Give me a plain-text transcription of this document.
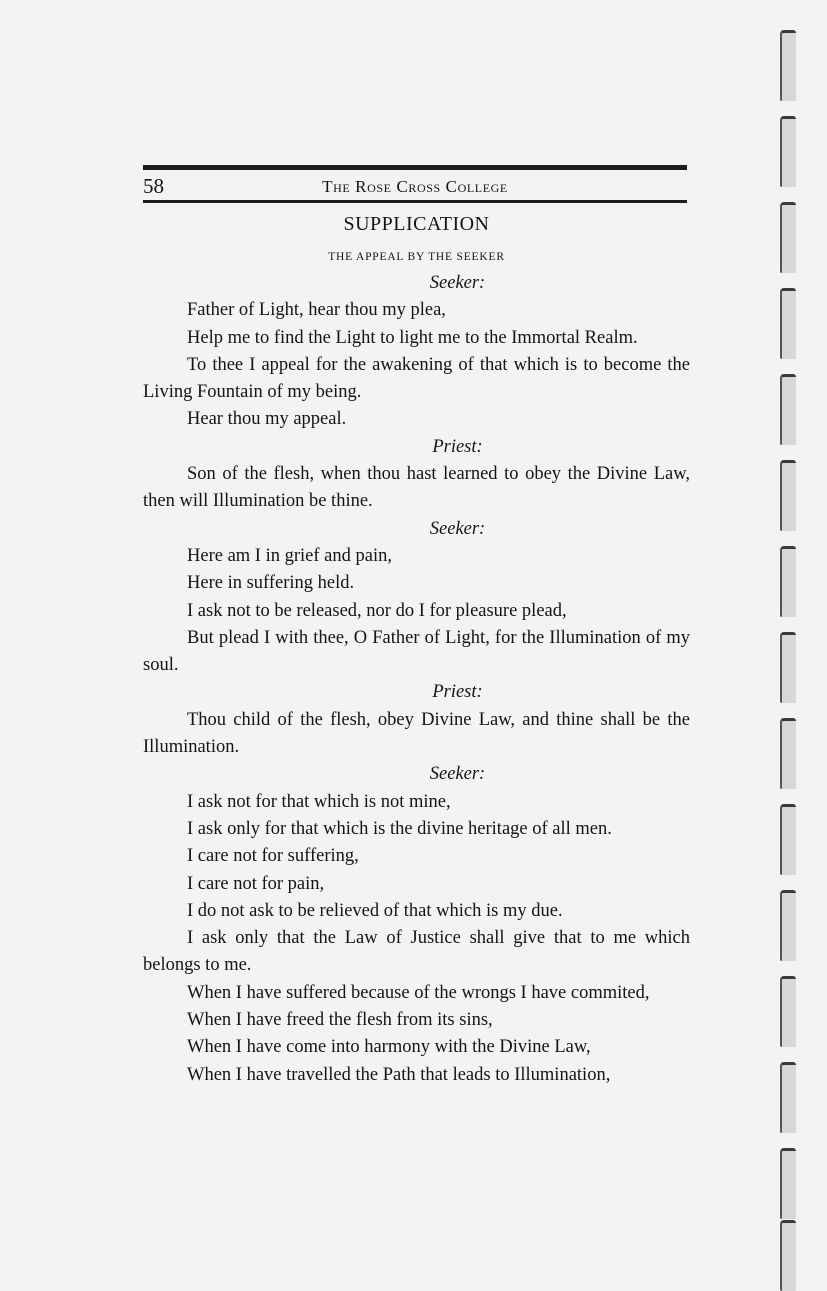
58	The Rose Cross College
SUPPLICATION
THE APPEAL BY THE SEEKER
Seeker:

Father of Light, hear thou my plea,

Help me to find the Light to light me to the Immortal Realm.

To thee I appeal for the awakening of that which is to become the Living Fountain of my being.

Hear thou my appeal.

Priest:

Son of the flesh, when thou hast learned to obey the Divine Law, then will Illumination be thine.

Seeker:

Here am I in grief and pain,

Here in suffering held.

I ask not to be released, nor do I for pleasure plead,

But plead I with thee, O Father of Light, for the Illumination of my soul.

Priest:

Thou child of the flesh, obey Divine Law, and thine shall be the Illumination.

Seeker:

I ask not for that which is not mine,

I ask only for that which is the divine heritage of all men.

I care not for suffering,

I care not for pain,

I do not ask to be relieved of that which is my due.

I ask only that the Law of Justice shall give that to me which belongs to me.

When I have suffered because of the wrongs I have commited,

When I have freed the flesh from its sins,

When I have come into harmony with the Divine Law,

When I have travelled the Path that leads to Illumination,
